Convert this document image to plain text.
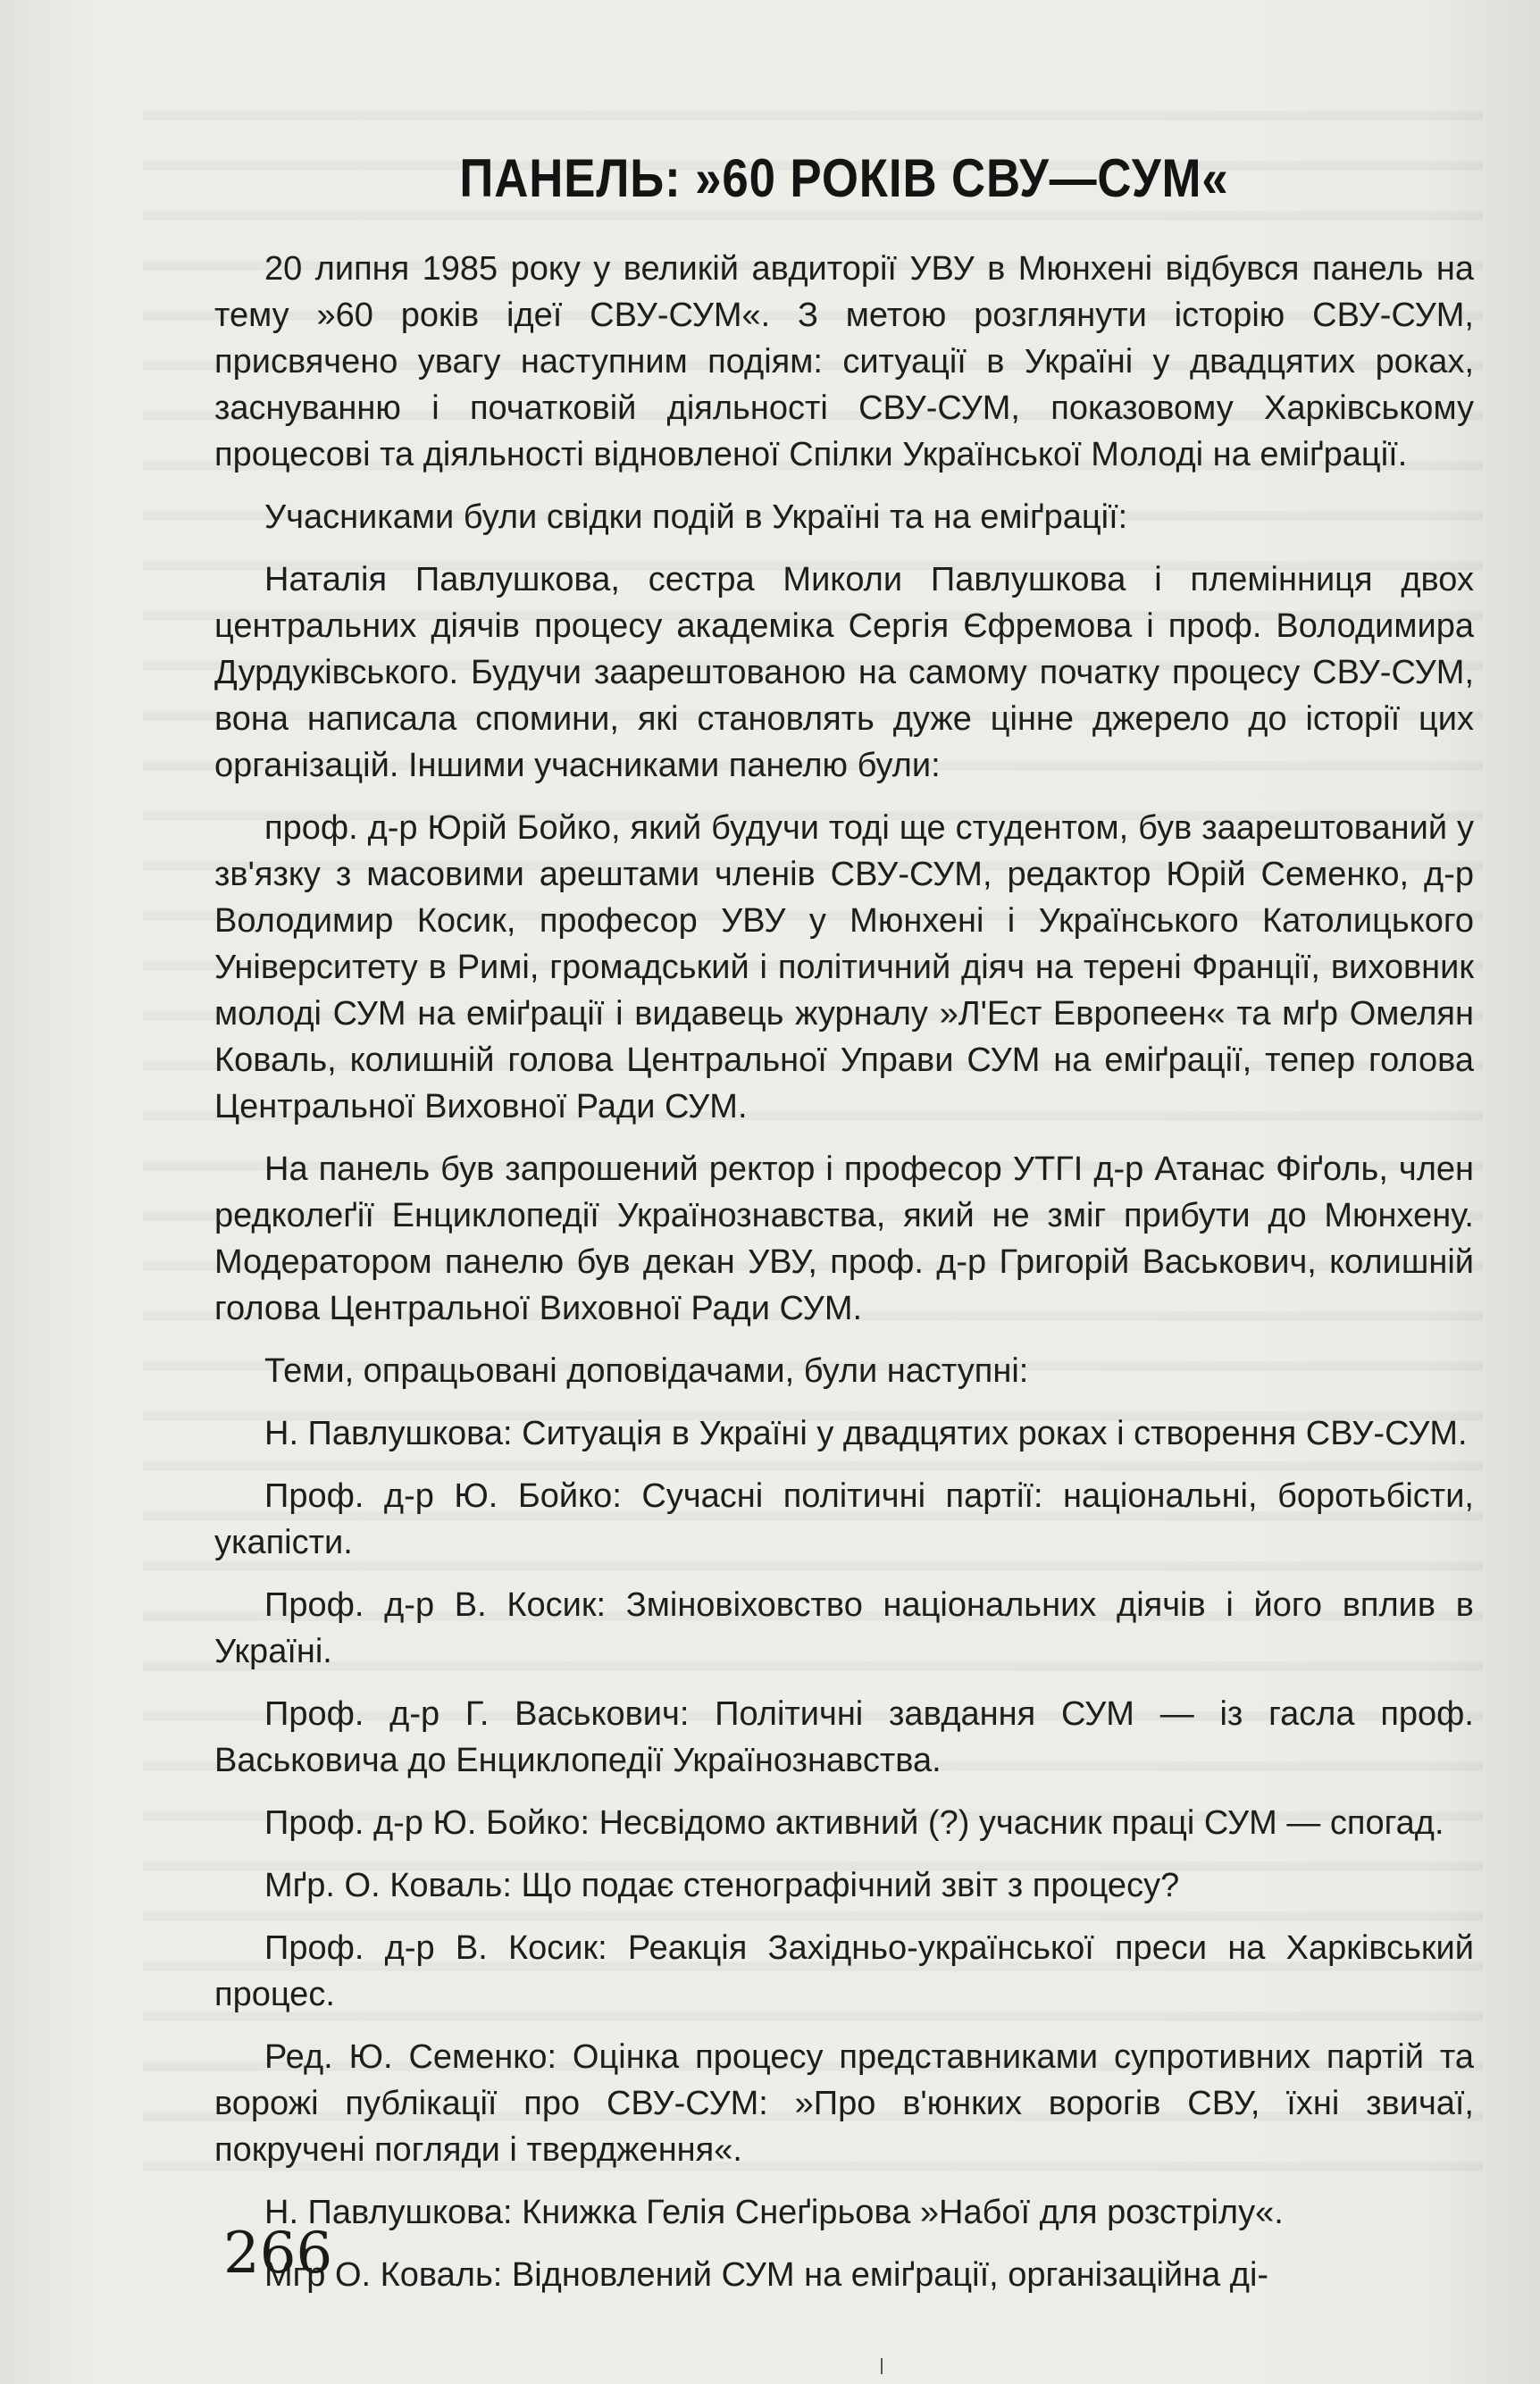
ПАНЕЛЬ: »60 РОКІВ СВУ—СУМ«

20 липня 1985 року у великій авдиторії УВУ в Мюнхені відбувся панель на тему »60 років ідеї СВУ-СУМ«. З метою розглянути історію СВУ-СУМ, присвячено увагу наступним подіям: ситуації в Україні у двадцятих роках, заснуванню і початковій діяльності СВУ-СУМ, показовому Харківському процесові та діяльності відновленої Спілки Української Молоді на еміґрації.

Учасниками були свідки подій в Україні та на еміґрації:

Наталія Павлушкова, сестра Миколи Павлушкова і племінниця двох центральних діячів процесу академіка Сергія Єфремова і проф. Володимира Дурдуківського. Будучи заарештованою на самому початку процесу СВУ-СУМ, вона написала спомини, які становлять дуже цінне джерело до історії цих організацій. Іншими учасниками панелю були:

проф. д-р Юрій Бойко, який будучи тоді ще студентом, був заарештований у зв'язку з масовими арештами членів СВУ-СУМ, редактор Юрій Семенко, д-р Володимир Косик, професор УВУ у Мюнхені і Українського Католицького Університету в Римі, громадський і політичний діяч на терені Франції, виховник молоді СУМ на еміґрації і видавець журналу »Л'Ест Европеен« та мґр Омелян Коваль, колишній голова Центральної Управи СУМ на еміґрації, тепер голова Центральної Виховної Ради СУМ.

На панель був запрошений ректор і професор УТГІ д-р Атанас Фіґоль, член редколеґії Енциклопедії Українознавства, який не зміг прибути до Мюнхену. Модератором панелю був декан УВУ, проф. д-р Григорій Васькович, колишній голова Центральної Виховної Ради СУМ.

Теми, опрацьовані доповідачами, були наступні:

Н. Павлушкова: Ситуація в Україні у двадцятих роках і створення СВУ-СУМ.

Проф. д-р Ю. Бойко: Сучасні політичні партії: національні, боротьбісти, укапісти.

Проф. д-р В. Косик: Зміновіховство національних діячів і його вплив в Україні.

Проф. д-р Г. Васькович: Політичні завдання СУМ — із гасла проф. Васьковича до Енциклопедії Українознавства.

Проф. д-р Ю. Бойко: Несвідомо активний (?) учасник праці СУМ — спогад.

Мґр. О. Коваль: Що подає стенографічний звіт з процесу?

Проф. д-р В. Косик: Реакція Західньо-української преси на Харківський процес.

Ред. Ю. Семенко: Оцінка процесу представниками супротивних партій та ворожі публікації про СВУ-СУМ: »Про в'юнких ворогів СВУ, їхні звичаї, покручені погляди і твердження«.

Н. Павлушкова: Книжка Гелія Снеґірьова »Набої для розстрілу«.

Мґр О. Коваль: Відновлений СУМ на еміґрації, організаційна ді-

266
